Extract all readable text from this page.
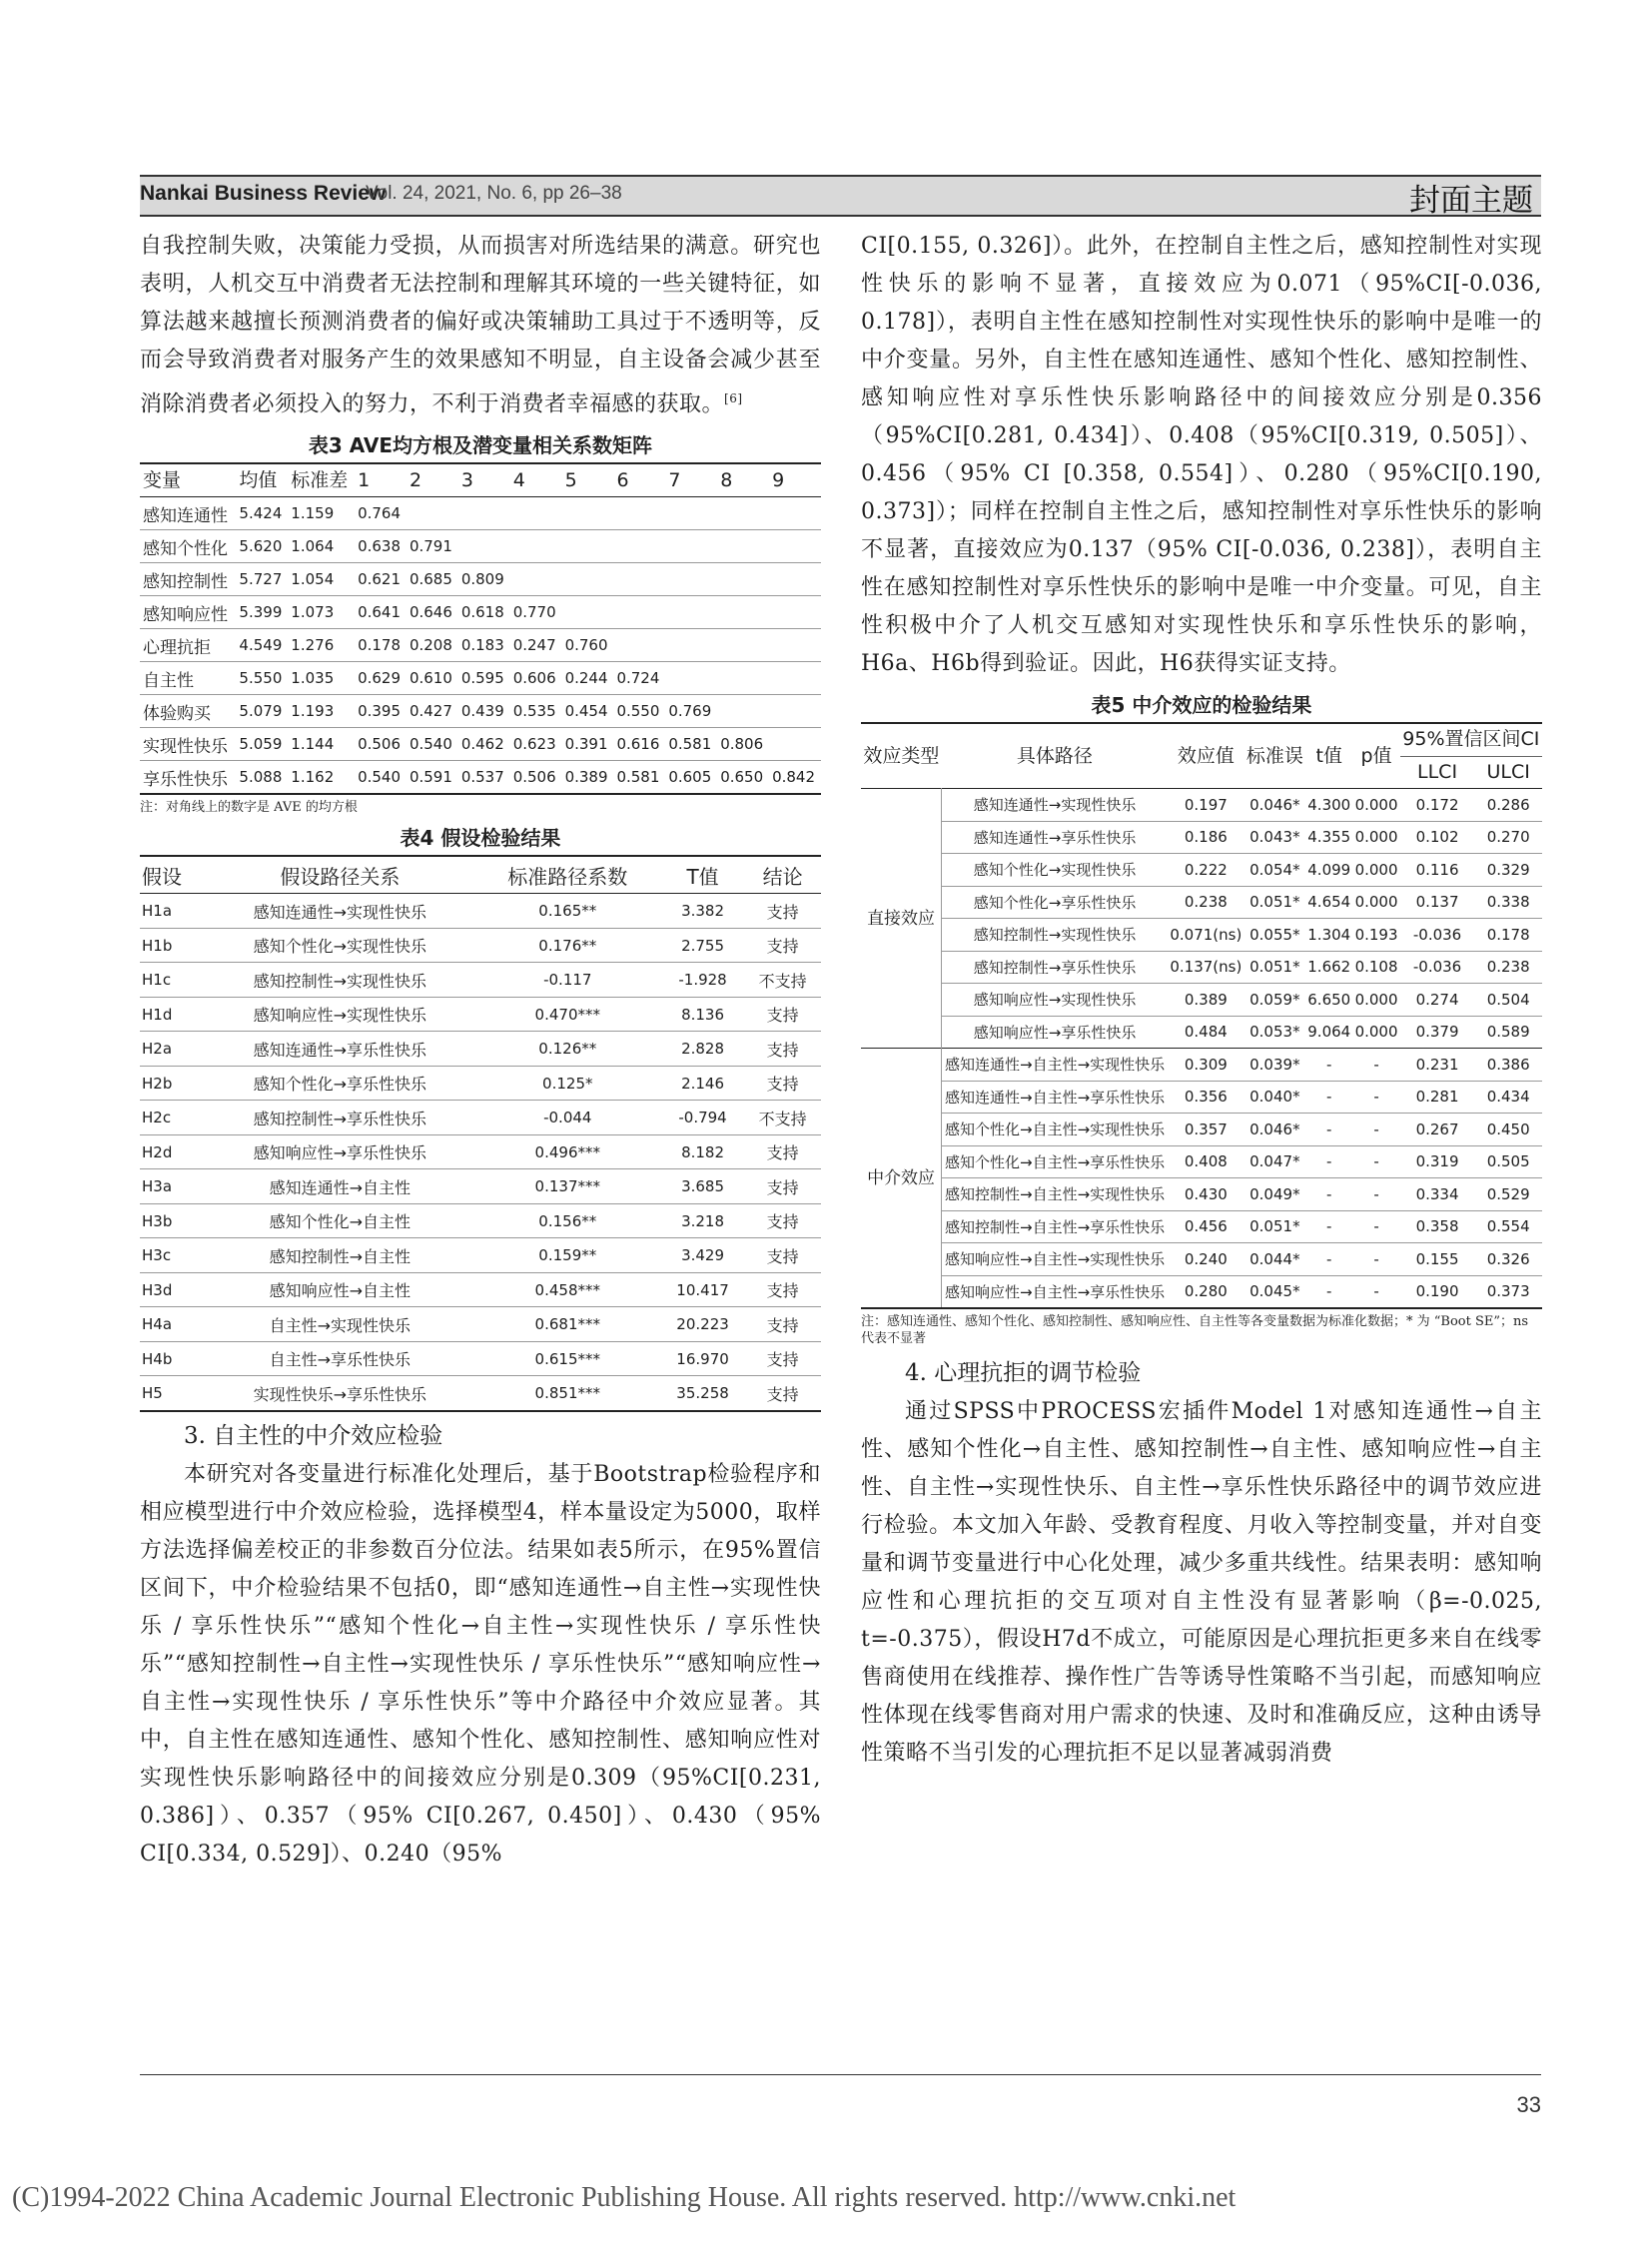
Nankai Business Review
Vol. 24, 2021, No. 6, pp 26–38	封面主题

自我控制失败，决策能力受损，从而损害对所选结果的满意。研究也表明，人机交互中消费者无法控制和理解其环境的一些关键特征，如算法越来越擅长预测消费者的偏好或决策辅助工具过于不透明等，反而会导致消费者对服务产生的效果感知不明显，自主设备会减少甚至消除消费者必须投入的努力，不利于消费者幸福感的获取。[6]

表3 AVE均方根及潜变量相关系数矩阵
变量	均值	标准差	1	2	3	4	5	6	7	8	9
感知连通性	5.424	1.159	0.764								
感知个性化	5.620	1.064	0.638	0.791							
感知控制性	5.727	1.054	0.621	0.685	0.809						
感知响应性	5.399	1.073	0.641	0.646	0.618	0.770					
心理抗拒	4.549	1.276	0.178	0.208	0.183	0.247	0.760				
自主性	5.550	1.035	0.629	0.610	0.595	0.606	0.244	0.724			
体验购买	5.079	1.193	0.395	0.427	0.439	0.535	0.454	0.550	0.769		
实现性快乐	5.059	1.144	0.506	0.540	0.462	0.623	0.391	0.616	0.581	0.806	
享乐性快乐	5.088	1.162	0.540	0.591	0.537	0.506	0.389	0.581	0.605	0.650	0.842
注：对角线上的数字是 AVE 的均方根
表4 假设检验结果
假设	假设路径关系	标准路径系数	T值	结论
H1a	感知连通性→实现性快乐	0.165**	3.382	支持
H1b	感知个性化→实现性快乐	0.176**	2.755	支持
H1c	感知控制性→实现性快乐	-0.117	-1.928	不支持
H1d	感知响应性→实现性快乐	0.470***	8.136	支持
H2a	感知连通性→享乐性快乐	0.126**	2.828	支持
H2b	感知个性化→享乐性快乐	0.125*	2.146	支持
H2c	感知控制性→享乐性快乐	-0.044	-0.794	不支持
H2d	感知响应性→享乐性快乐	0.496***	8.182	支持
H3a	感知连通性→自主性	0.137***	3.685	支持
H3b	感知个性化→自主性	0.156**	3.218	支持
H3c	感知控制性→自主性	0.159**	3.429	支持
H3d	感知响应性→自主性	0.458***	10.417	支持
H4a	自主性→实现性快乐	0.681***	20.223	支持
H4b	自主性→享乐性快乐	0.615***	16.970	支持
H5	实现性快乐→享乐性快乐	0.851***	35.258	支持

3. 自主性的中介效应检验

本研究对各变量进行标准化处理后，基于Bootstrap检验程序和相应模型进行中介效应检验，选择模型4，样本量设定为5000，取样方法选择偏差校正的非参数百分位法。结果如表5所示，在95%置信区间下，中介检验结果不包括0，即“感知连通性→自主性→实现性快乐 / 享乐性快乐”“感知个性化→自主性→实现性快乐 / 享乐性快乐”“感知控制性→自主性→实现性快乐 / 享乐性快乐”“感知响应性→自主性→实现性快乐 / 享乐性快乐”等中介路径中介效应显著。其中，自主性在感知连通性、感知个性化、感知控制性、感知响应性对实现性快乐影响路径中的间接效应分别是0.309（95%CI[0.231, 0.386]）、0.357（95% CI[0.267, 0.450]）、0.430（95% CI[0.334, 0.529]）、0.240（95%

CI[0.155, 0.326]）。此外，在控制自主性之后，感知控制性对实现性快乐的影响不显著，直接效应为0.071（95%CI[-0.036, 0.178]），表明自主性在感知控制性对实现性快乐的影响中是唯一的中介变量。另外，自主性在感知连通性、感知个性化、感知控制性、感知响应性对享乐性快乐影响路径中的间接效应分别是0.356（95%CI[0.281, 0.434]）、0.408（95%CI[0.319, 0.505]）、0.456（95% CI [0.358, 0.554]）、0.280（95%CI[0.190, 0.373]）；同样在控制自主性之后，感知控制性对享乐性快乐的影响不显著，直接效应为0.137（95% CI[-0.036, 0.238]），表明自主性在感知控制性对享乐性快乐的影响中是唯一中介变量。可见，自主性积极中介了人机交互感知对实现性快乐和享乐性快乐的影响，H6a、H6b得到验证。因此，H6获得实证支持。

表5 中介效应的检验结果
效应类型	具体路径	效应值	标准误	t值	p值	95%置信区间CI	
						LLCI	ULCI
直接效应	感知连通性→实现性快乐	0.197	0.046*	4.300	0.000	0.172	0.286
	感知连通性→享乐性快乐	0.186	0.043*	4.355	0.000	0.102	0.270
	感知个性化→实现性快乐	0.222	0.054*	4.099	0.000	0.116	0.329
	感知个性化→享乐性快乐	0.238	0.051*	4.654	0.000	0.137	0.338
	感知控制性→实现性快乐	0.071(ns)	0.055*	1.304	0.193	-0.036	0.178
	感知控制性→享乐性快乐	0.137(ns)	0.051*	1.662	0.108	-0.036	0.238
	感知响应性→实现性快乐	0.389	0.059*	6.650	0.000	0.274	0.504
	感知响应性→享乐性快乐	0.484	0.053*	9.064	0.000	0.379	0.589
中介效应	感知连通性→自主性→实现性快乐	0.309	0.039*	-	-	0.231	0.386
	感知连通性→自主性→享乐性快乐	0.356	0.040*	-	-	0.281	0.434
	感知个性化→自主性→实现性快乐	0.357	0.046*	-	-	0.267	0.450
	感知个性化→自主性→享乐性快乐	0.408	0.047*	-	-	0.319	0.505
	感知控制性→自主性→实现性快乐	0.430	0.049*	-	-	0.334	0.529
	感知控制性→自主性→享乐性快乐	0.456	0.051*	-	-	0.358	0.554
	感知响应性→自主性→实现性快乐	0.240	0.044*	-	-	0.155	0.326
	感知响应性→自主性→享乐性快乐	0.280	0.045*	-	-	0.190	0.373
注：感知连通性、感知个性化、感知控制性、感知响应性、自主性等各变量数据为标准化数据；* 为 “Boot SE”；ns 代表不显著

4. 心理抗拒的调节检验

通过SPSS中PROCESS宏插件Model 1对感知连通性→自主性、感知个性化→自主性、感知控制性→自主性、感知响应性→自主性、自主性→实现性快乐、自主性→享乐性快乐路径中的调节效应进行检验。本文加入年龄、受教育程度、月收入等控制变量，并对自变量和调节变量进行中心化处理，减少多重共线性。结果表明：感知响应性和心理抗拒的交互项对自主性没有显著影响（β=-0.025, t=-0.375），假设H7d不成立，可能原因是心理抗拒更多来自在线零售商使用在线推荐、操作性广告等诱导性策略不当引起，而感知响应性体现在线零售商对用户需求的快速、及时和准确反应，这种由诱导性策略不当引发的心理抗拒不足以显著减弱消费

33
(C)1994-2022 China Academic Journal Electronic Publishing House. All rights reserved. http://www.cnki.net
